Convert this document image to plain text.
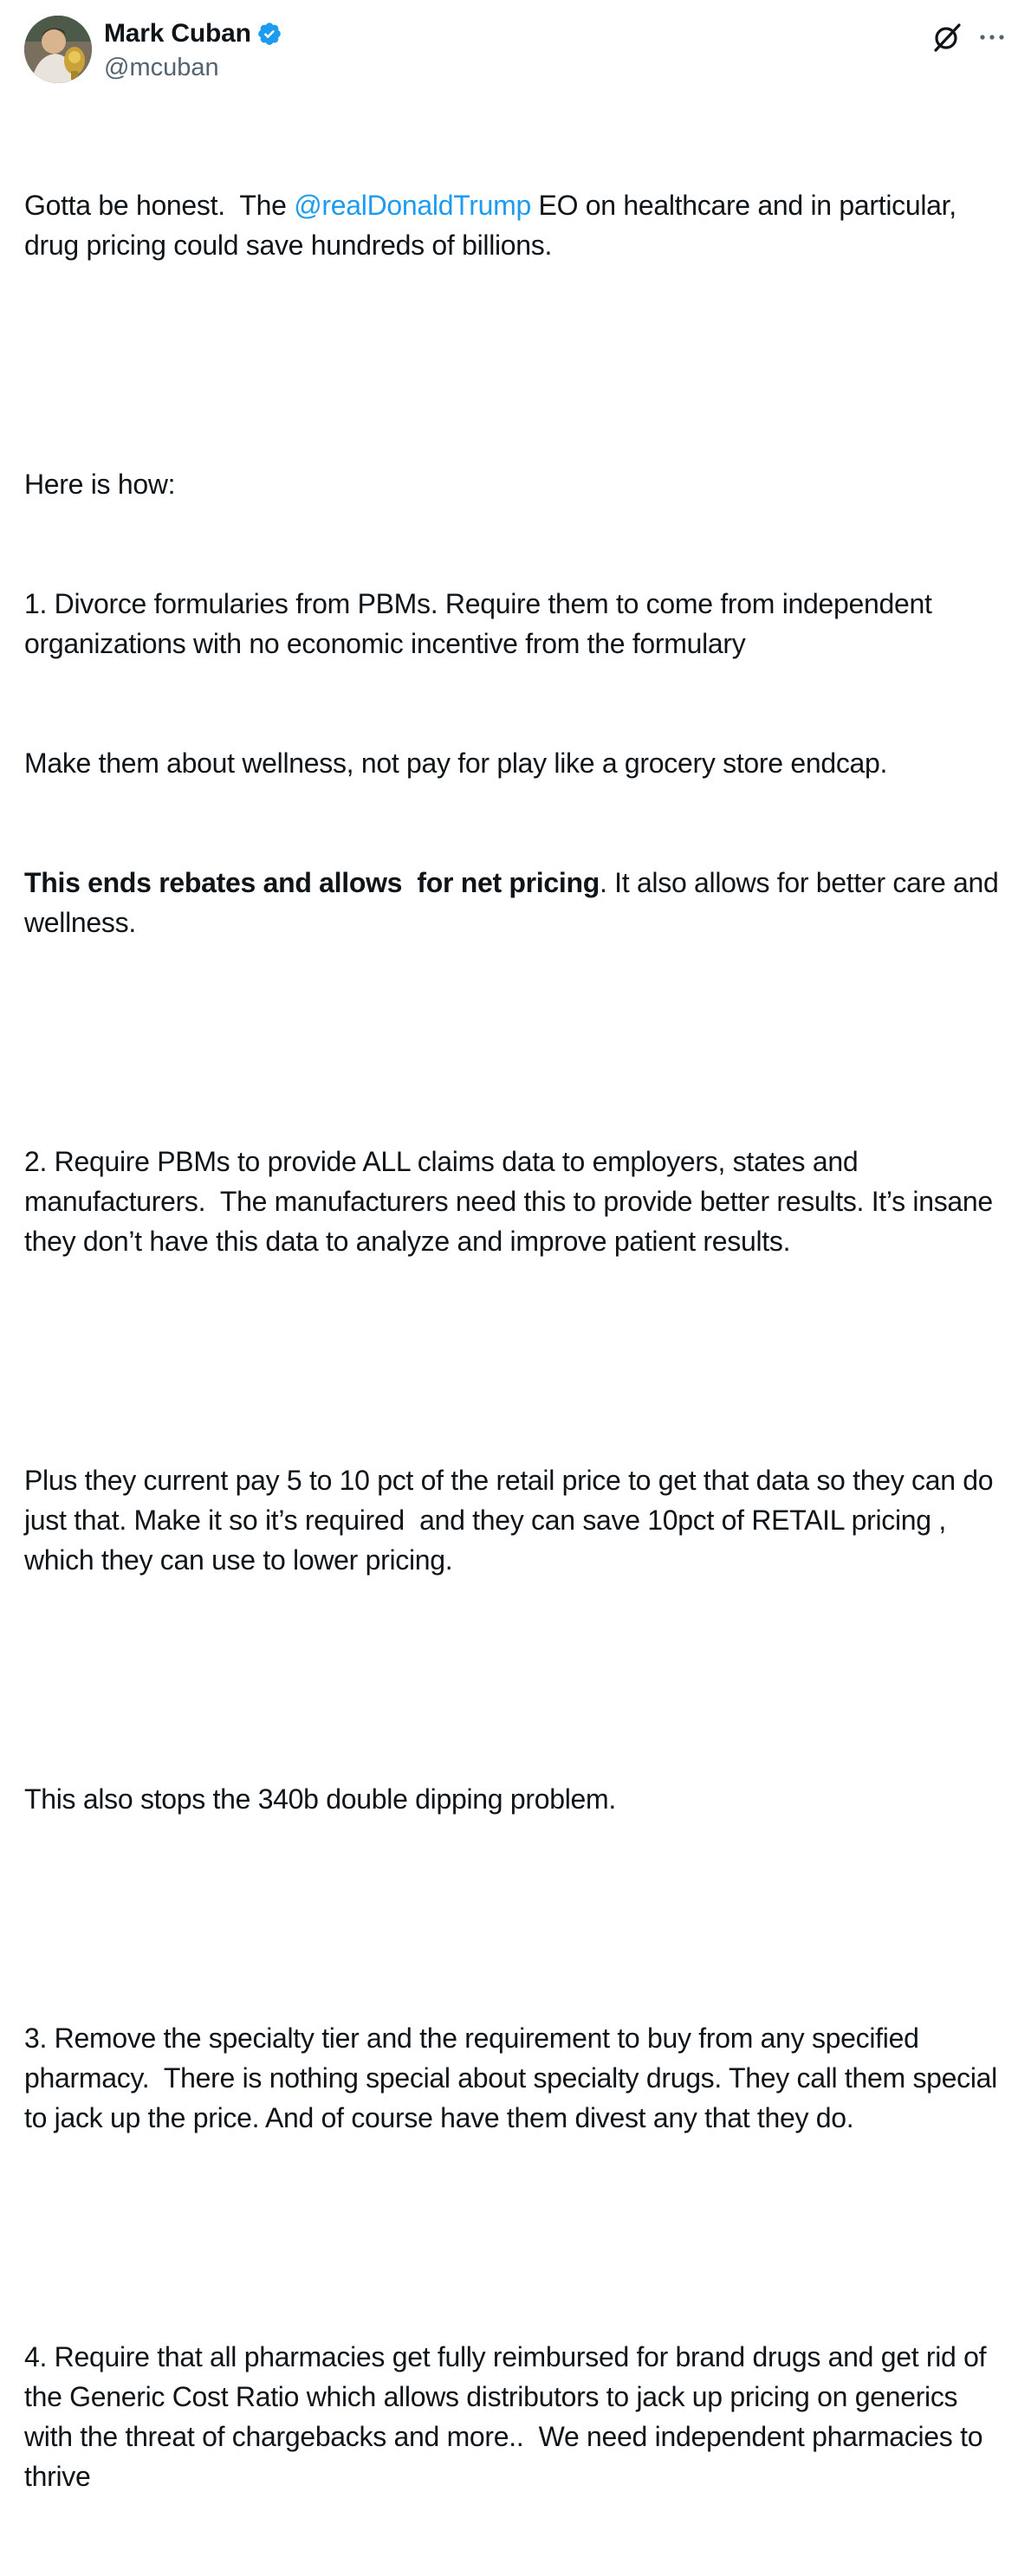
Mark Cuban
@mcuban

Gotta be honest.  The @realDonaldTrump EO on healthcare and in particular, drug pricing could save hundreds of billions.

Here is how:

1. Divorce formularies from PBMs. Require them to come from independent organizations with no economic incentive from the formulary

Make them about wellness, not pay for play like a grocery store endcap.

This ends rebates and allows  for net pricing. It also allows for better care and wellness.

2. Require PBMs to provide ALL claims data to employers, states and manufacturers.  The manufacturers need this to provide better results. It’s insane they don’t have this data to analyze and improve patient results.

Plus they current pay 5 to 10 pct of the retail price to get that data so they can do just that. Make it so it’s required  and they can save 10pct of RETAIL pricing , which they can use to lower pricing.

This also stops the 340b double dipping problem.

3. Remove the specialty tier and the requirement to buy from any specified pharmacy.  There is nothing special about specialty drugs. They call them special to jack up the price. And of course have them divest any that they do.

4. Require that all pharmacies get fully reimbursed for brand drugs and get rid of the Generic Cost Ratio which allows distributors to jack up pricing on generics with the threat of chargebacks and more..  We need independent pharmacies to thrive
